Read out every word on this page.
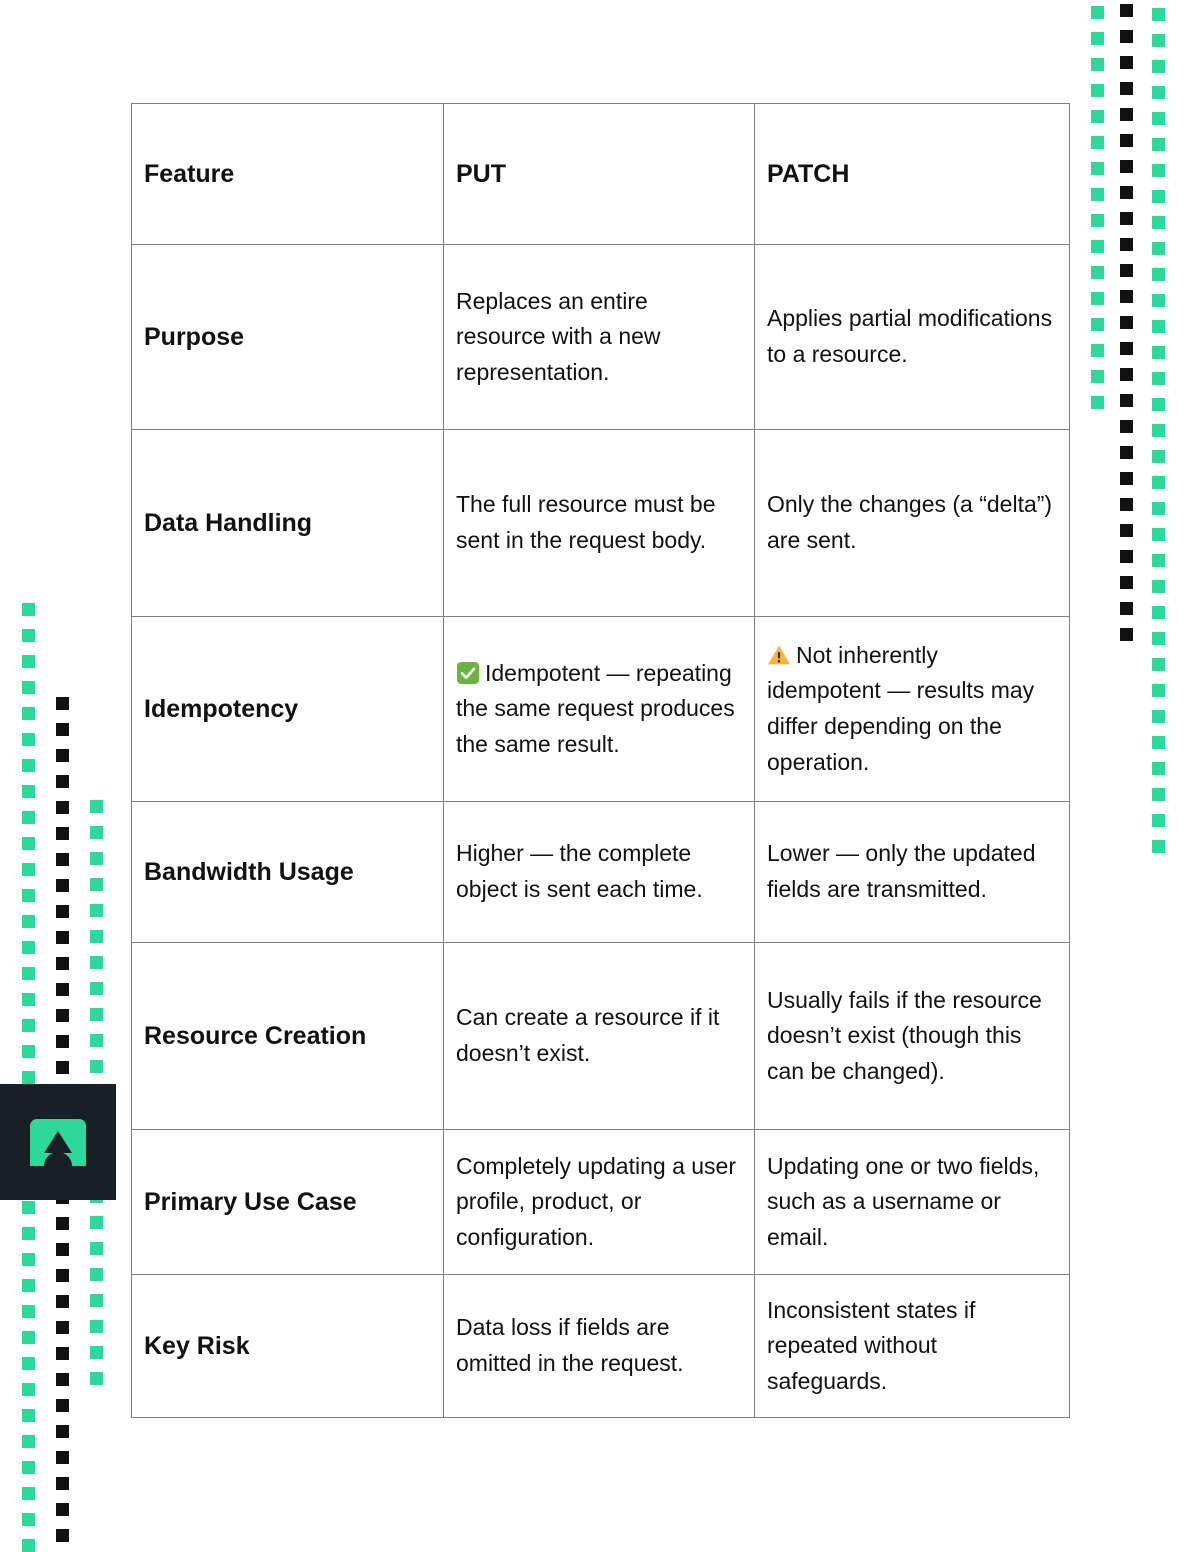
Feature	PUT	PATCH
Purpose	Replaces an entire resource with a new representation.	Applies partial modifications to a resource.

Data Handling	The full resource must be sent in the request body.	Only the changes (a “delta”) are sent.

Idempotency	Idempotent — repeating the same request produces the same result.	Not inherently idempotent — results may differ depending on the operation.
Bandwidth Usage	Higher — the complete object is sent each time.	Lower — only the updated fields are transmitted.

Resource Creation	Can create a resource if it doesn’t exist.	Usually fails if the resource doesn’t exist (though this can be changed).

Primary Use Case	Completely updating a user profile, product, or configuration.	Updating one or two fields, such as a username or email.

Key Risk	Data loss if fields are omitted in the request.	Inconsistent states if repeated without safeguards.
